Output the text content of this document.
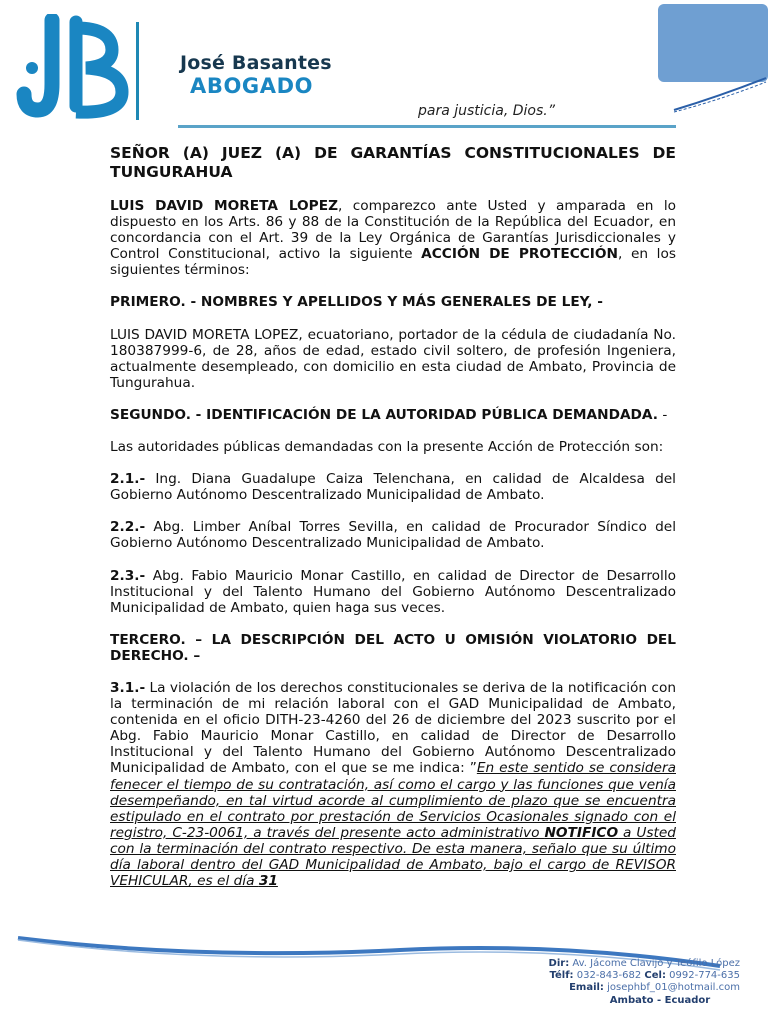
José Basantes
ABOGADO
para justicia, Dios.”

SEÑOR (A) JUEZ (A) DE GARANTÍAS CONSTITUCIONALES DE TUNGURAHUA

LUIS DAVID MORETA LOPEZ, comparezco ante Usted y amparada en lo dispuesto en los Arts. 86 y 88 de la Constitución de la República del Ecuador, en concordancia con el Art. 39 de la Ley Orgánica de Garantías Jurisdiccionales y Control Constitucional, activo la siguiente ACCIÓN DE PROTECCIÓN, en los siguientes términos:

PRIMERO. - NOMBRES Y APELLIDOS Y MÁS GENERALES DE LEY, -

LUIS DAVID MORETA LOPEZ, ecuatoriano, portador de la cédula de ciudadanía No. 180387999-6, de 28, años de edad, estado civil soltero, de profesión Ingeniera, actualmente desempleado, con domicilio en esta ciudad de Ambato, Provincia de Tungurahua.

SEGUNDO. - IDENTIFICACIÓN DE LA AUTORIDAD PÚBLICA DEMANDADA. -

Las autoridades públicas demandadas con la presente Acción de Protección son:

2.1.- Ing. Diana Guadalupe Caiza Telenchana, en calidad de Alcaldesa del Gobierno Autónomo Descentralizado Municipalidad de Ambato.

2.2.- Abg. Limber Aníbal Torres Sevilla, en calidad de Procurador Síndico del Gobierno Autónomo Descentralizado Municipalidad de Ambato.

2.3.- Abg. Fabio Mauricio Monar Castillo, en calidad de Director de Desarrollo Institucional y del Talento Humano del Gobierno Autónomo Descentralizado Municipalidad de Ambato, quien haga sus veces.

TERCERO. – LA DESCRIPCIÓN DEL ACTO U OMISIÓN VIOLATORIO DEL DERECHO. –

3.1.- La violación de los derechos constitucionales se deriva de la notificación con la terminación de mi relación laboral con el GAD Municipalidad de Ambato, contenida en el oficio DITH-23-4260 del 26 de diciembre del 2023 suscrito por el Abg. Fabio Mauricio Monar Castillo, en calidad de Director de Desarrollo Institucional y del Talento Humano del Gobierno Autónomo Descentralizado Municipalidad de Ambato, con el que se me indica: ”En este sentido se considera fenecer el tiempo de su contratación, así como el cargo y las funciones que venía desempeñando, en tal virtud acorde al cumplimiento de plazo que se encuentra estipulado en el contrato por prestación de Servicios Ocasionales signado con el registro, C-23-0061, a través del presente acto administrativo NOTIFICO a Usted con la terminación del contrato respectivo. De esta manera, señalo que su último día laboral dentro del GAD Municipalidad de Ambato, bajo el cargo de REVISOR VEHICULAR, es el día 31

Dir: Av. Jácome Clavijo y Teófilo López
Télf: 032-843-682 Cel: 0992-774-635
Email: josephbf_01@hotmail.com
Ambato - Ecuador
